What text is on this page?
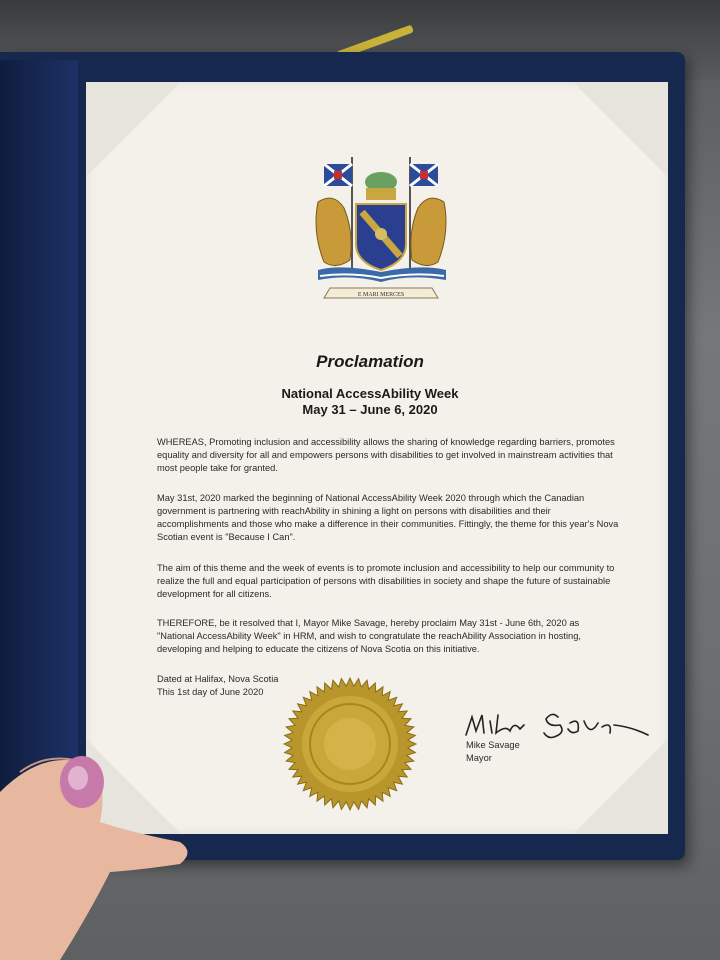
E MARI MERCES
Proclamation
National AccessAbility Week
May 31 – June 6, 2020

WHEREAS, Promoting inclusion and accessibility allows the sharing of knowledge regarding barriers, promotes equality and diversity for all and empowers persons with disabilities to get involved in mainstream activities that most people take for granted.

May 31st, 2020 marked the beginning of National AccessAbility Week 2020 through which the Canadian government is partnering with reachAbility in shining a light on persons with disabilities and their accomplishments and those who make a difference in their communities. Fittingly, the theme for this year's Nova Scotian event is "Because I Can".

The aim of this theme and the week of events is to promote inclusion and accessibility to help our community to realize the full and equal participation of persons with disabilities in society and shape the future of sustainable development for all citizens.

THEREFORE, be it resolved that I, Mayor Mike Savage, hereby proclaim May 31st - June 6th, 2020 as "National AccessAbility Week" in HRM, and wish to congratulate the reachAbility Association in hosting, developing and helping to educate the citizens of Nova Scotia on this initiative.

Dated at Halifax, Nova Scotia
This 1st day of June 2020
Mike Savage
Mayor
